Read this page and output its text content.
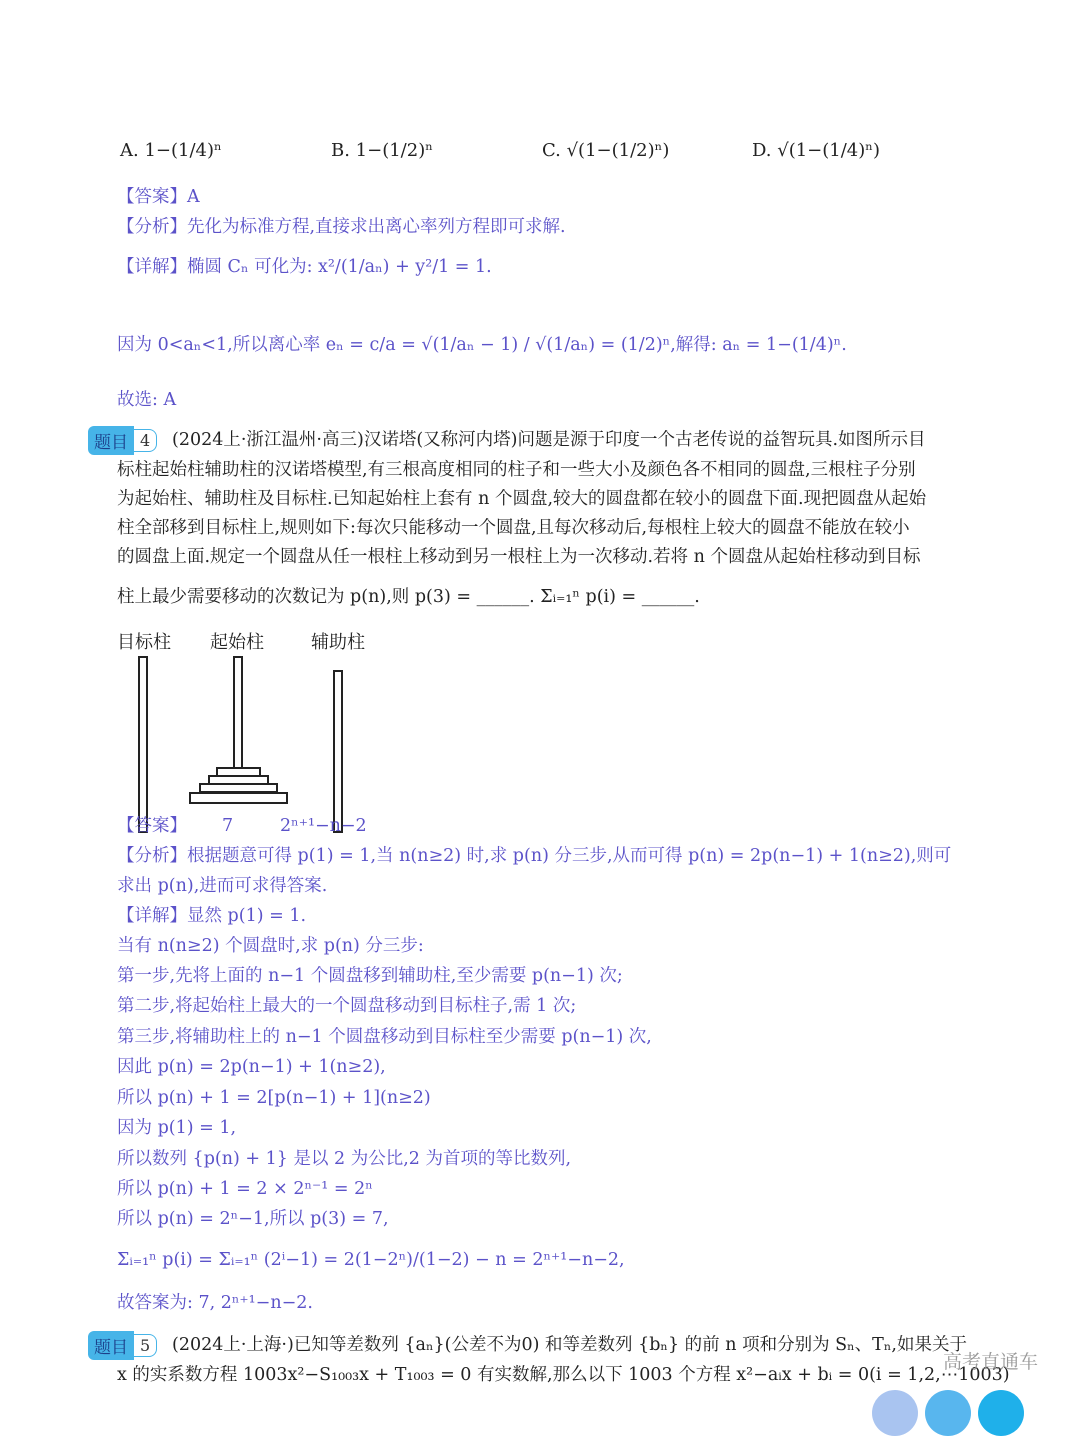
A. 1−(1/4)ⁿ	B. 1−(1/2)ⁿ	C. √(1−(1/2)ⁿ)	D. √(1−(1/4)ⁿ)
【答案】A
【分析】先化为标准方程,直接求出离心率列方程即可求解.
【详解】椭圆 Cₙ 可化为: x²/(1/aₙ) + y²/1 = 1.
因为 0<aₙ<1,所以离心率 eₙ = c/a = √(1/aₙ − 1) / √(1/aₙ) = (1/2)ⁿ,解得: aₙ = 1−(1/4)ⁿ.
故选: A
题目 4	(2024上·浙江温州·高三)汉诺塔(又称河内塔)问题是源于印度一个古老传说的益智玩具.如图所示目
标柱起始柱辅助柱的汉诺塔模型,有三根高度相同的柱子和一些大小及颜色各不相同的圆盘,三根柱子分别
为起始柱、辅助柱及目标柱.已知起始柱上套有 n 个圆盘,较大的圆盘都在较小的圆盘下面.现把圆盘从起始
柱全部移到目标柱上,规则如下:每次只能移动一个圆盘,且每次移动后,每根柱上较大的圆盘不能放在较小
的圆盘上面.规定一个圆盘从任一根柱上移动到另一根柱上为一次移动.若将 n 个圆盘从起始柱移动到目标
柱上最少需要移动的次数记为 p(n),则 p(3) = ______. Σᵢ₌₁ⁿ p(i) = ______.
目标柱 起始柱	辅助柱
【答案】 7	2ⁿ⁺¹−n−2
【分析】根据题意可得 p(1) = 1,当 n(n≥2) 时,求 p(n) 分三步,从而可得 p(n) = 2p(n−1) + 1(n≥2),则可
求出 p(n),进而可求得答案.
【详解】显然 p(1) = 1.
当有 n(n≥2) 个圆盘时,求 p(n) 分三步:
第一步,先将上面的 n−1 个圆盘移到辅助柱,至少需要 p(n−1) 次;
第二步,将起始柱上最大的一个圆盘移动到目标柱子,需 1 次;
第三步,将辅助柱上的 n−1 个圆盘移动到目标柱至少需要 p(n−1) 次,
因此 p(n) = 2p(n−1) + 1(n≥2),
所以 p(n) + 1 = 2[p(n−1) + 1](n≥2)
因为 p(1) = 1,
所以数列 {p(n) + 1} 是以 2 为公比,2 为首项的等比数列,
所以 p(n) + 1 = 2 × 2ⁿ⁻¹ = 2ⁿ
所以 p(n) = 2ⁿ−1,所以 p(3) = 7,
Σᵢ₌₁ⁿ p(i) = Σᵢ₌₁ⁿ (2ⁱ−1) = 2(1−2ⁿ)/(1−2) − n = 2ⁿ⁺¹−n−2,
故答案为: 7, 2ⁿ⁺¹−n−2.
题目 5	(2024上·上海·)已知等差数列 {aₙ}(公差不为0) 和等差数列 {bₙ} 的前 n 项和分别为 Sₙ、Tₙ,如果关于
x 的实系数方程 1003x²−S₁₀₀₃x + T₁₀₀₃ = 0 有实数解,那么以下 1003 个方程 x²−aᵢx + bᵢ = 0(i = 1,2,⋯1003)
高考直通车
